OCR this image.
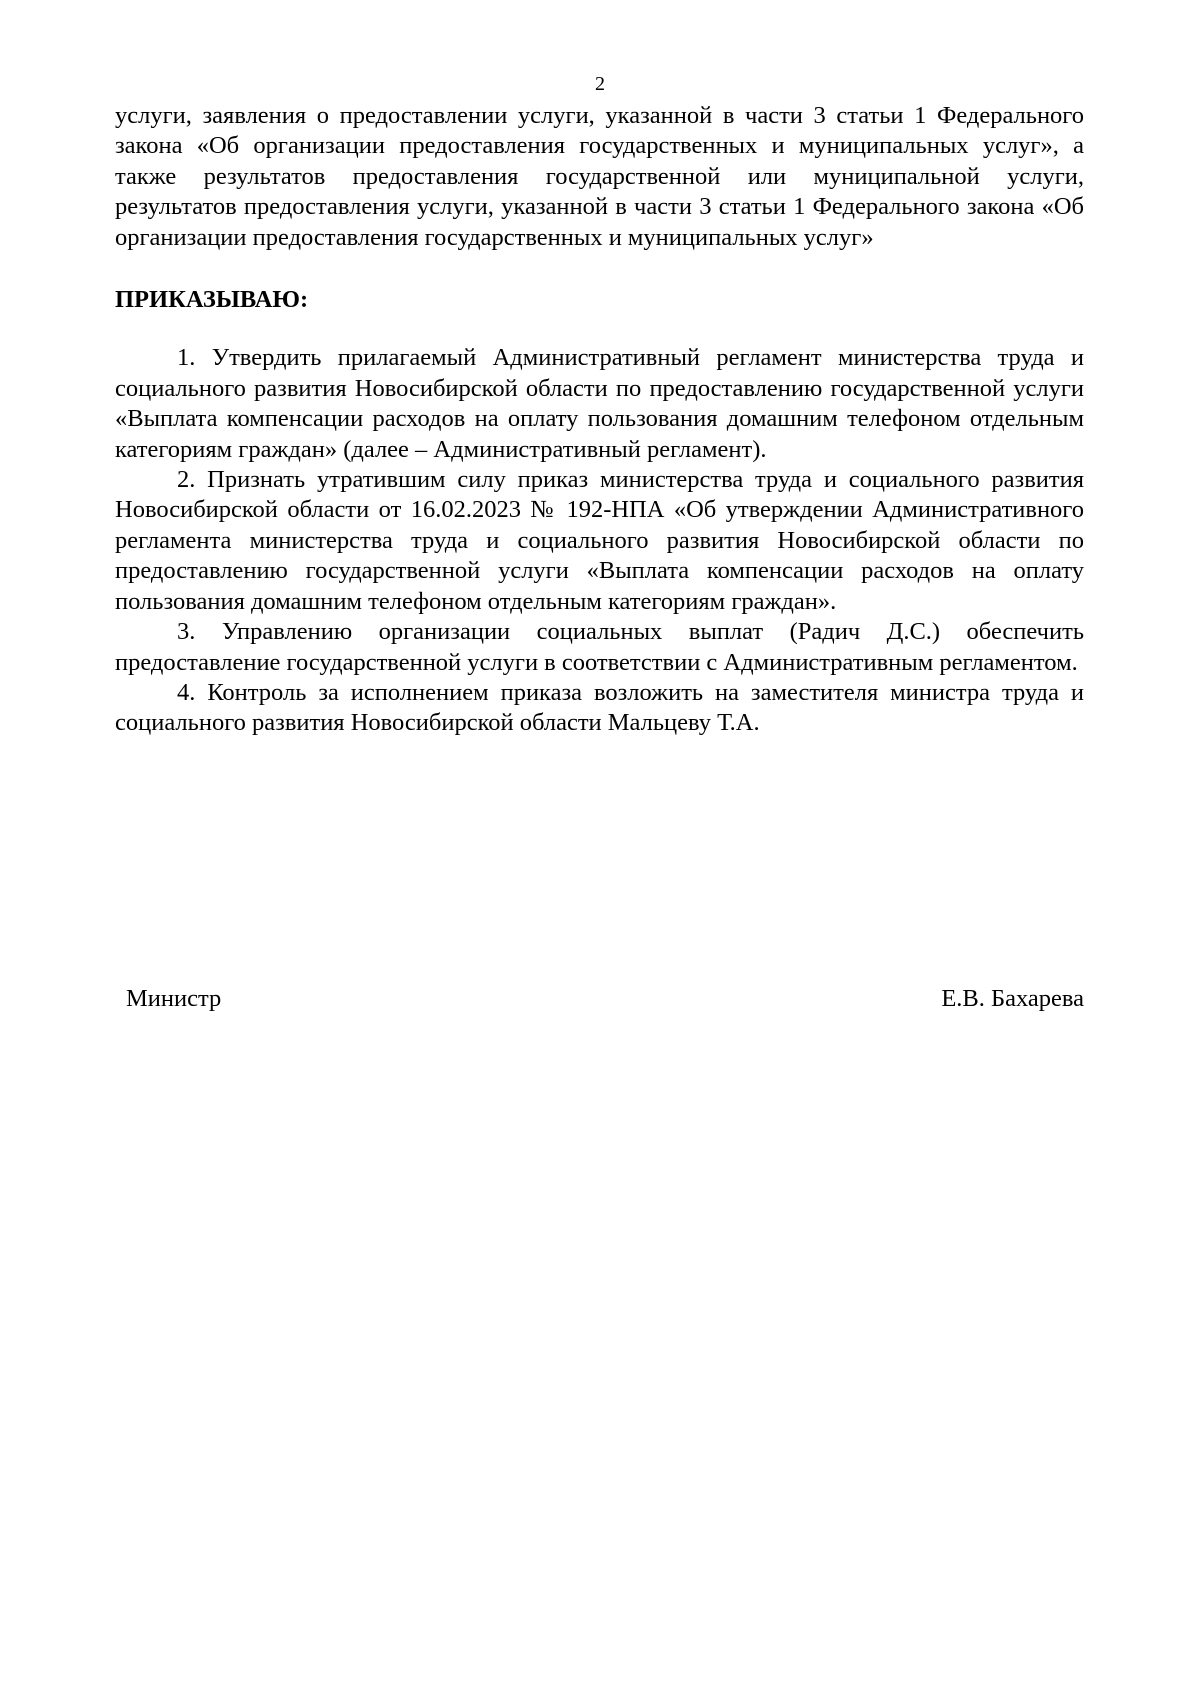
2

услуги, заявления о предоставлении услуги, указанной в части 3 статьи 1 Федерального закона «Об организации предоставления государственных и муниципальных услуг», а также результатов предоставления государственной или муниципальной услуги, результатов предоставления услуги, указанной в части 3 статьи 1 Федерального закона «Об организации предоставления государственных и муниципальных услуг»

ПРИКАЗЫВАЮ:

1. Утвердить прилагаемый Административный регламент министерства труда и социального развития Новосибирской области по предоставлению государственной услуги «Выплата компенсации расходов на оплату пользования домашним телефоном отдельным категориям граждан» (далее – Административный регламент).

2. Признать утратившим силу приказ министерства труда и социального развития Новосибирской области от 16.02.2023 № 192-НПА «Об утверждении Административного регламента министерства труда и социального развития Новосибирской области по предоставлению государственной услуги «Выплата компенсации расходов на оплату пользования домашним телефоном отдельным категориям граждан».

3. Управлению организации социальных выплат (Радич Д.С.) обеспечить предоставление государственной услуги в соответствии с Административным регламентом.

4. Контроль за исполнением приказа возложить на заместителя министра труда и социального развития Новосибирской области Мальцеву Т.А.

Министр	Е.В. Бахарева
